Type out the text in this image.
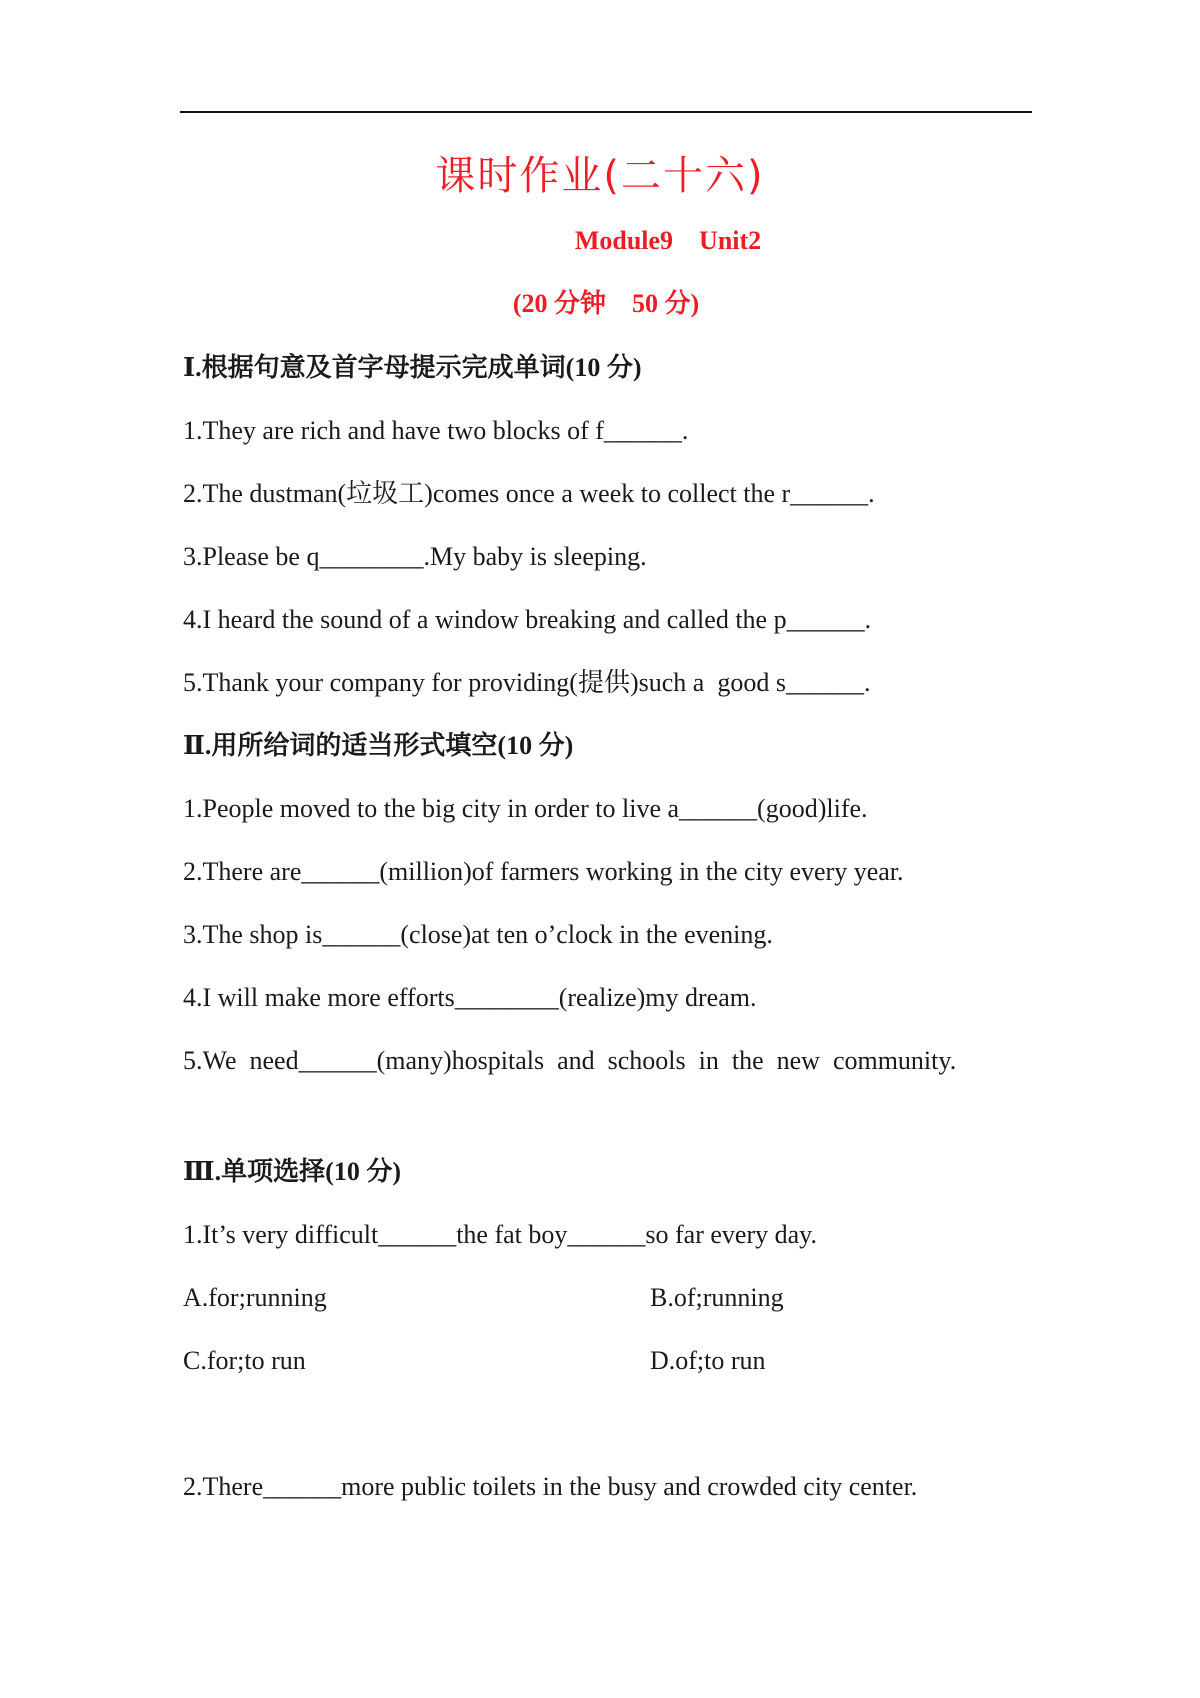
课时作业(二十六)

Module9    Unit2

(20 分钟    50 分)

Ⅰ.根据句意及首字母提示完成单词(10 分)

1.They are rich and have two blocks of f______.

2.The dustman(垃圾工)comes once a week to collect the r______.

3.Please be q________.My baby is sleeping.

4.I heard the sound of a window breaking and called the p______.

5.Thank your company for providing(提供)such a  good s______.

Ⅱ.用所给词的适当形式填空(10 分)

1.People moved to the big city in order to live a______(good)life.

2.There are______(million)of farmers working in the city every year.

3.The shop is______(close)at ten o’clock in the evening.

4.I will make more efforts________(realize)my dream.

5.We  need______(many)hospitals  and  schools  in  the  new  community.

Ⅲ.单项选择(10 分)

1.It’s very difficult______the fat boy______so far every day.

A.for;running	B.of;running

C.for;to run	D.of;to run

2.There______more public toilets in the busy and crowded city center.
